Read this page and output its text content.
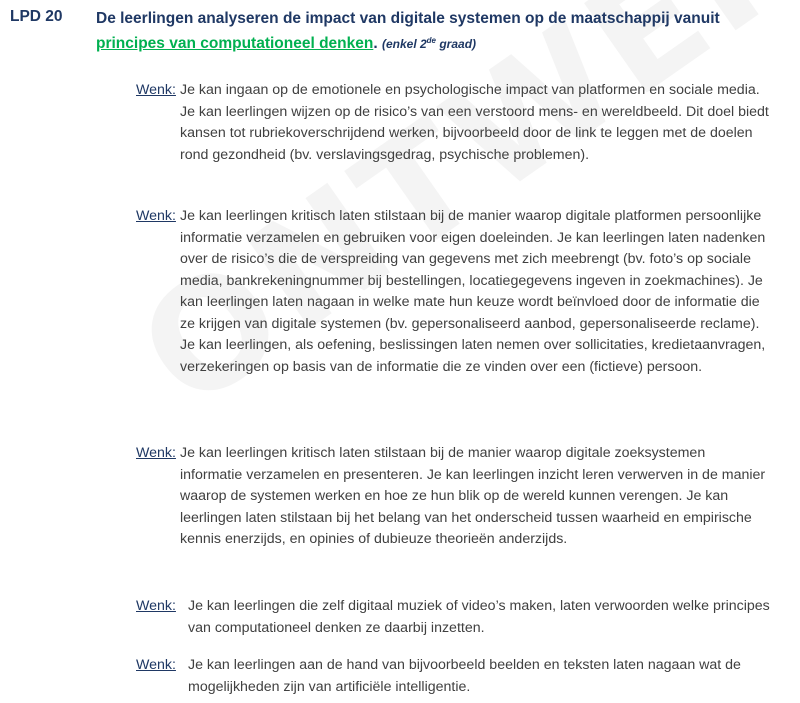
LPD 20 De leerlingen analyseren de impact van digitale systemen op de maatschappij vanuit principes van computationeel denken. (enkel 2de graad)
Wenk: Je kan ingaan op de emotionele en psychologische impact van platformen en sociale media. Je kan leerlingen wijzen op de risico’s van een verstoord mens- en wereldbeeld. Dit doel biedt kansen tot rubriekoverschrijdend werken, bijvoorbeeld door de link te leggen met de doelen rond gezondheid (bv. verslavingsgedrag, psychische problemen).
Wenk: Je kan leerlingen kritisch laten stilstaan bij de manier waarop digitale platformen persoonlijke informatie verzamelen en gebruiken voor eigen doeleinden. Je kan leerlingen laten nadenken over de risico’s die de verspreiding van gegevens met zich meebrengt (bv. foto’s op sociale media, bankrekeningnummer bij bestellingen, locatiegegevens ingeven in zoekmachines). Je kan leerlingen laten nagaan in welke mate hun keuze wordt beïnvloed door de informatie die ze krijgen van digitale systemen (bv. gepersonaliseerd aanbod, gepersonaliseerde reclame). Je kan leerlingen, als oefening, beslissingen laten nemen over sollicitaties, kredietaanvragen, verzekeringen op basis van de informatie die ze vinden over een (fictieve) persoon.
Wenk: Je kan leerlingen kritisch laten stilstaan bij de manier waarop digitale zoeksystemen informatie verzamelen en presenteren. Je kan leerlingen inzicht leren verwerven in de manier waarop de systemen werken en hoe ze hun blik op de wereld kunnen verengen. Je kan leerlingen laten stilstaan bij het belang van het onderscheid tussen waarheid en empirische kennis enerzijds, en opinies of dubieuze theorieën anderzijds.
Wenk: Je kan leerlingen die zelf digitaal muziek of video’s maken, laten verwoorden welke principes van computationeel denken ze daarbij inzetten.
Wenk: Je kan leerlingen aan de hand van bijvoorbeeld beelden en teksten laten nagaan wat de mogelijkheden zijn van artificiële intelligentie.
